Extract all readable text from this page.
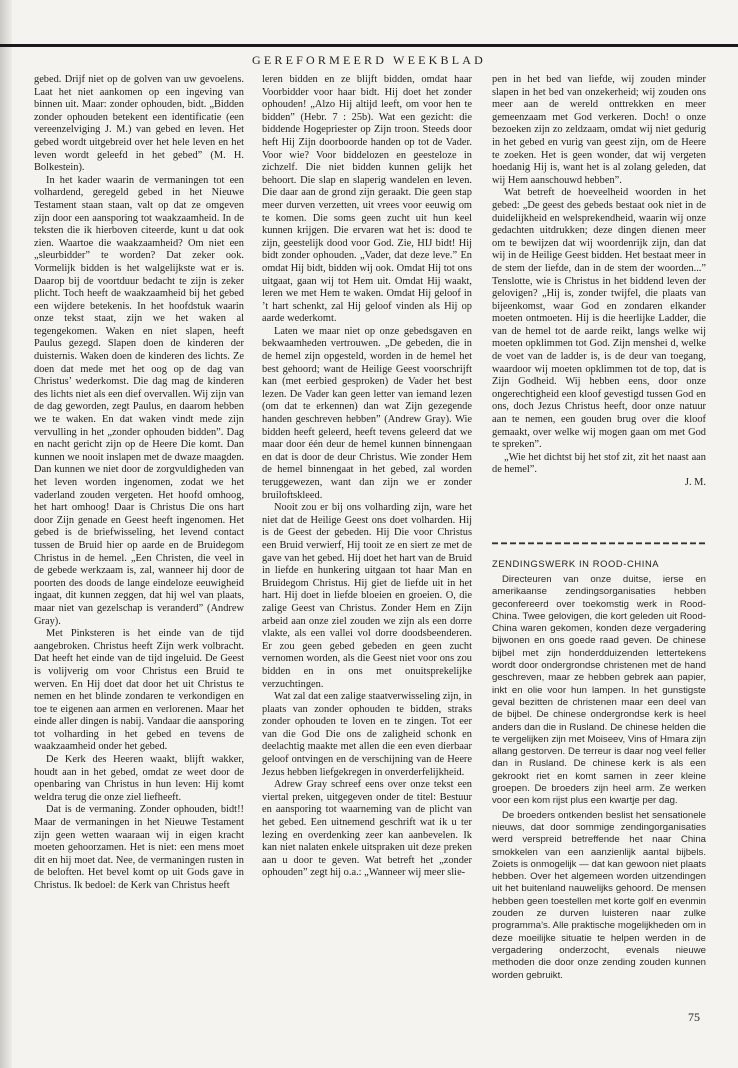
GEREFORMEERD WEEKBLAD

gebed. Drijf niet op de golven van uw gevoelens. Laat het niet aankomen op een ingeving van binnen uit. Maar: zonder ophouden, bidt. „Bidden zonder ophouden betekent een identificatie (een vereenzelviging J. M.) van gebed en leven. Het gebed wordt uitgebreid over het hele leven en het leven wordt geleefd in het gebed” (M. H. Bolkestein).

In het kader waarin de vermaningen tot een volhardend, geregeld gebed in het Nieuwe Testament staan staan, valt op dat ze omgeven zijn door een aansporing tot waakzaamheid. In de teksten die ik hierboven citeerde, kunt u dat ook zien. Waartoe die waakzaamheid? Om niet een „sleurbidder” te worden? Dat zeker ook. Vormelijk bidden is het walgelijkste wat er is. Daarop bij de voortduur bedacht te zijn is zeker plicht. Toch heeft de waakzaamheid bij het gebed een wijdere betekenis. In het hoofdstuk waarin onze tekst staat, zijn we het waken al tegengekomen. Waken en niet slapen, heeft Paulus gezegd. Slapen doen de kinderen der duisternis. Waken doen de kinderen des lichts. Ze doen dat mede met het oog op de dag van Christus’ wederkomst. Die dag mag de kinderen des lichts niet als een dief overvallen. Wij zijn van de dag geworden, zegt Paulus, en daarom hebben we te waken. En dat waken vindt mede zijn vervulling in het „zonder ophouden bidden”. Dag en nacht gericht zijn op de Heere Die komt. Dan kunnen we nooit inslapen met de dwaze maagden. Dan kunnen we niet door de zorgvuldigheden van het leven worden ingenomen, zodat we het vaderland zouden vergeten. Het hoofd omhoog, het hart omhoog! Daar is Christus Die ons hart door Zijn genade en Geest heeft ingenomen. Het gebed is de briefwisseling, het levend contact tussen de Bruid hier op aarde en de Bruidegom Christus in de hemel. „Een Christen, die veel in de gebede werkzaam is, zal, wanneer hij door de poorten des doods de lange eindeloze eeuwigheid ingaat, dit kunnen zeggen, dat hij wel van plaats, maar niet van gezelschap is veranderd” (Andrew Gray).

Met Pinksteren is het einde van de tijd aangebroken. Christus heeft Zijn werk volbracht. Dat heeft het einde van de tijd ingeluid. De Geest is volijverig om voor Christus een Bruid te werven. En Hij doet dat door het uit Christus te nemen en het blinde zondaren te verkondigen en toe te eigenen aan armen en verlorenen. Maar het einde aller dingen is nabij. Vandaar die aansporing tot volharding in het gebed en tevens de waakzaamheid onder het gebed.

De Kerk des Heeren waakt, blijft wakker, houdt aan in het gebed, omdat ze weet door de openbaring van Christus in hun leven: Hij komt weldra terug die onze ziel liefheeft.

Dat is de vermaning. Zonder ophouden, bidt!! Maar de vermaningen in het Nieuwe Testament zijn geen wetten waaraan wij in eigen kracht moeten gehoorzamen. Het is niet: een mens moet dit en hij moet dat. Nee, de vermaningen rusten in de beloften. Het bevel komt op uit Gods gave in Christus. Ik bedoel: de Kerk van Christus heeft

leren bidden en ze blijft bidden, omdat haar Voorbidder voor haar bidt. Hij doet het zonder ophouden! „Alzo Hij altijd leeft, om voor hen te bidden” (Hebr. 7 : 25b). Wat een gezicht: die biddende Hogepriester op Zijn troon. Steeds door heft Hij Zijn doorboorde handen op tot de Vader. Voor wie? Voor biddelozen en geesteloze in zichzelf. Die niet bidden kunnen gelijk het behoort. Die slap en slaperig wandelen en leven. Die daar aan de grond zijn geraakt. Die geen stap meer durven verzetten, uit vrees voor eeuwig om te komen. Die soms geen zucht uit hun keel kunnen krijgen. Die ervaren wat het is: dood te zijn, geestelijk dood voor God. Zie, HIJ bidt! Hij bidt zonder ophouden. „Vader, dat deze leve.” En omdat Hij bidt, bidden wij ook. Omdat Hij tot ons uitgaat, gaan wij tot Hem uit. Omdat Hij waakt, leren we met Hem te waken. Omdat Hij geloof in ’t hart schenkt, zal Hij geloof vinden als Hij op aarde wederkomt.

Laten we maar niet op onze gebedsgaven en bekwaamheden vertrouwen. „De gebeden, die in de hemel zijn opgesteld, worden in de hemel het best gehoord; want de Heilige Geest voorschrijft kan (met eerbied gesproken) de Vader het best lezen. De Vader kan geen letter van iemand lezen (om dat te erkennen) dan wat Zijn gezegende handen geschreven hebben” (Andrew Gray). Wie bidden heeft geleerd, heeft tevens geleerd dat we maar door één deur de hemel kunnen binnengaan en dat is door de deur Christus. Wie zonder Hem de hemel binnengaat in het gebed, zal worden teruggewezen, want dan zijn we er zonder bruiloftskleed.

Nooit zou er bij ons volharding zijn, ware het niet dat de Heilige Geest ons doet volharden. Hij is de Geest der gebeden. Hij Die voor Christus een Bruid verwierf, Hij tooit ze en siert ze met de gave van het gebed. Hij doet het hart van de Bruid in liefde en hunkering uitgaan tot haar Man en Bruidegom Christus. Hij giet de liefde uit in het hart. Hij doet in liefde bloeien en groeien. O, die zalige Geest van Christus. Zonder Hem en Zijn arbeid aan onze ziel zouden we zijn als een dorre vlakte, als een vallei vol dorre doodsbeenderen. Er zou geen gebed gebeden en geen zucht vernomen worden, als die Geest niet voor ons zou bidden en in ons met onuitsprekelijke verzuchtingen.

Wat zal dat een zalige staatverwisseling zijn, in plaats van zonder ophouden te bidden, straks zonder ophouden te loven en te zingen. Tot eer van die God Die ons de zaligheid schonk en deelachtig maakte met allen die een even dierbaar geloof ontvingen en de verschijning van de Heere Jezus hebben liefgekregen in onverderfelijkheid.

Adrew Gray schreef eens over onze tekst een viertal preken, uitgegeven onder de titel: Bestuur en aansporing tot waarneming van de plicht van het gebed. Een uitnemend geschrift wat ik u ter lezing en overdenking zeer kan aanbevelen. Ik kan niet nalaten enkele uitspraken uit deze preken aan u door te geven. Wat betreft het „zonder ophouden” zegt hij o.a.: „Wanneer wij meer slie-

pen in het bed van liefde, wij zouden minder slapen in het bed van onzekerheid; wij zouden ons meer aan de wereld onttrekken en meer gemeenzaam met God verkeren. Doch! o onze bezoeken zijn zo zeldzaam, omdat wij niet gedurig in het gebed en vurig van geest zijn, om de Heere te zoeken. Het is geen wonder, dat wij vergeten hoedanig Hij is, want het is al zolang geleden, dat wij Hem aanschouwd hebben”.

Wat betreft de hoeveelheid woorden in het gebed: „De geest des gebeds bestaat ook niet in de duidelijkheid en welsprekendheid, waarin wij onze gedachten uitdrukken; deze dingen dienen meer om te bewijzen dat wij woordenrijk zijn, dan dat wij in de Heilige Geest bidden. Het bestaat meer in de stem der liefde, dan in de stem der woorden...” Tenslotte, wie is Christus in het biddend leven der gelovigen? „Hij is, zonder twijfel, die plaats van bijeenkomst, waar God en zondaren elkander moeten ontmoeten. Hij is die heerlijke Ladder, die van de hemel tot de aarde reikt, langs welke wij moeten opklimmen tot God. Zijn menshei d, welke de voet van de ladder is, is de deur van toegang, waardoor wij moeten opklimmen tot de top, dat is Zijn Godheid. Wij hebben eens, door onze ongerechtigheid een kloof gevestigd tussen God en ons, doch Jezus Christus heeft, door onze natuur aan te nemen, een gouden brug over die kloof gemaakt, over welke wij mogen gaan om met God te spreken”.

„Wie het dichtst bij het stof zit, zit het naast aan de hemel”.

J. M.

ZENDINGSWERK IN ROOD-CHINA

Directeuren van onze duitse, ierse en amerikaanse zendingsorganisaties hebben geconfereerd over toekomstig werk in Rood-China. Twee gelovigen, die kort geleden uit Rood-China waren gekomen, konden deze vergadering bijwonen en ons goede raad geven. De chinese bijbel met zijn honderdduizenden lettertekens wordt door ondergrondse christenen met de hand geschreven, maar ze hebben gebrek aan papier, inkt en olie voor hun lampen. In het gunstigste geval bezitten de christenen maar een deel van de bijbel. De chinese ondergrondse kerk is heel anders dan die in Rusland. De chinese helden die te vergelijken zijn met Moiseev, Vins of Hmara zijn allang gestorven. De terreur is daar nog veel feller dan in Rusland. De chinese kerk is als een gekrookt riet en komt samen in zeer kleine groepen. De broeders zijn heel arm. Ze werken voor een kom rijst plus een kwartje per dag.

De broeders ontkenden beslist het sensationele nieuws, dat door sommige zendingorganisaties werd verspreid betreffende het naar China smokkelen van een aanzienlijk aantal bijbels. Zoiets is onmogelijk — dat kan gewoon niet plaats hebben. Over het algemeen worden uitzendingen uit het buitenland nauwelijks gehoord. De mensen hebben geen toestellen met korte golf en evenmin zouden ze durven luisteren naar zulke programma’s. Alle praktische mogelijkheden om in deze moeilijke situatie te helpen werden in de vergadering onderzocht, evenals nieuwe methoden die door onze zending zouden kunnen worden gebruikt.

75
